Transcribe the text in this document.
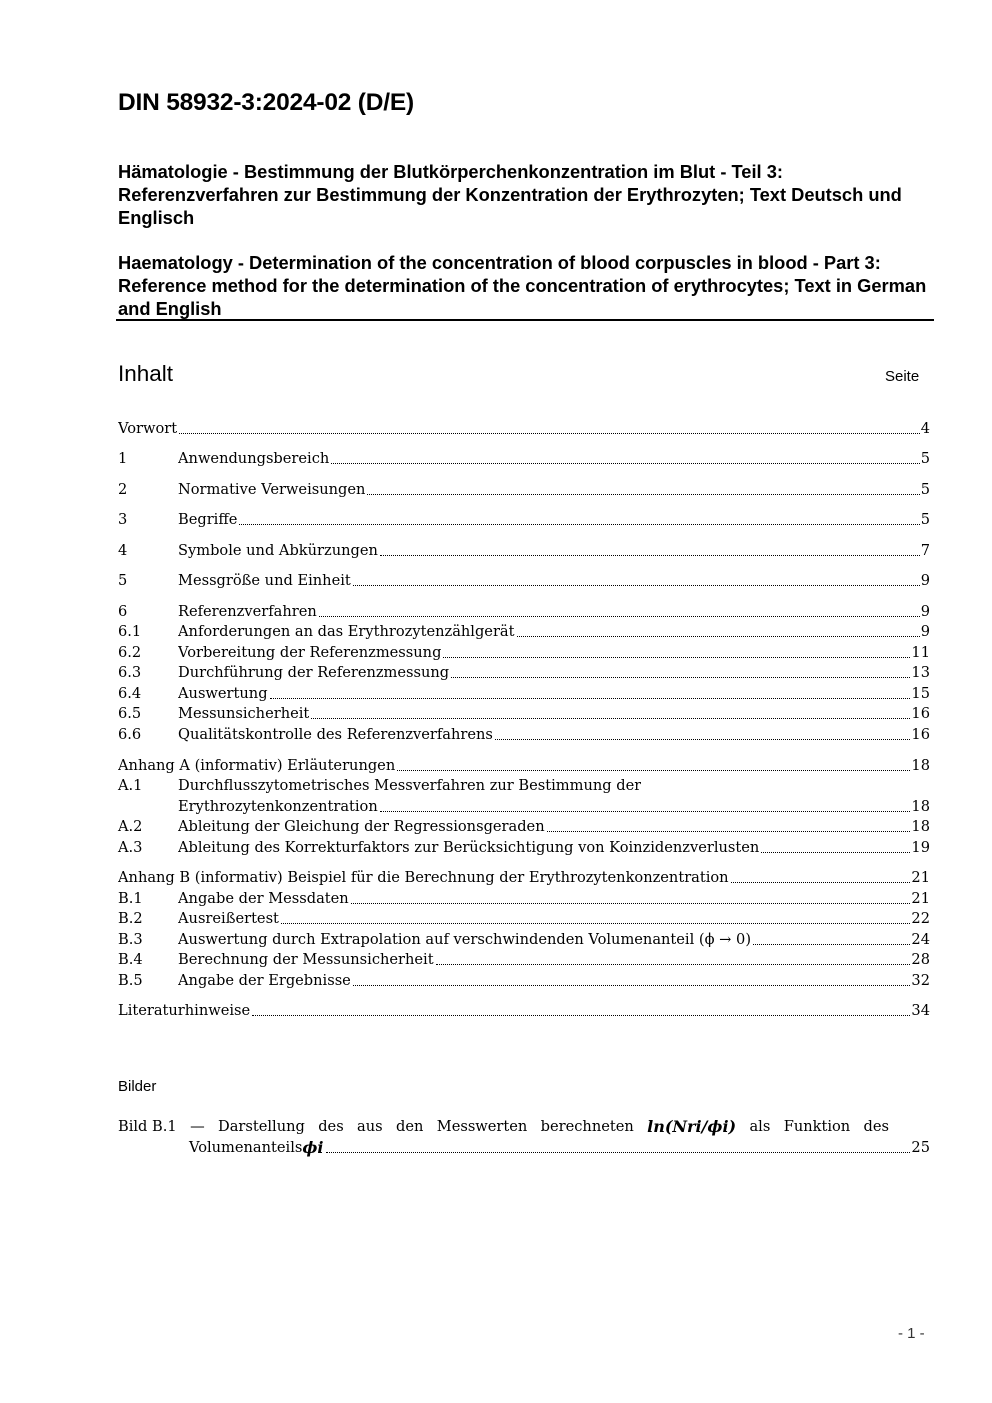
DIN 58932-3:2024-02 (D/E)
Hämatologie - Bestimmung der Blutkörperchenkonzentration im Blut - Teil 3: Referenzverfahren zur Bestimmung der Konzentration der Erythrozyten; Text Deutsch und Englisch
Haematology - Determination of the concentration of blood corpuscles in blood - Part 3: Reference method for the determination of the concentration of erythrocytes; Text in German and English
Inhalt	Seite
Vorwort	4
1	Anwendungsbereich	5
2	Normative Verweisungen	5
3	Begriffe	5
4	Symbole und Abkürzungen	7
5	Messgröße und Einheit	9
6	Referenzverfahren	9
6.1	Anforderungen an das Erythrozytenzählgerät	9
6.2	Vorbereitung der Referenzmessung	11
6.3	Durchführung der Referenzmessung	13
6.4	Auswertung	15
6.5	Messunsicherheit	16
6.6	Qualitätskontrolle des Referenzverfahrens	16
Anhang A (informativ) Erläuterungen	18
A.1	Durchflusszytometrisches Messverfahren zur Bestimmung der
Erythrozytenkonzentration	18
A.2	Ableitung der Gleichung der Regressionsgeraden	18
A.3	Ableitung des Korrekturfaktors zur Berücksichtigung von Koinzidenzverlusten	19
Anhang B (informativ) Beispiel für die Berechnung der Erythrozytenkonzentration	21
B.1	Angabe der Messdaten	21
B.2	Ausreißertest	22
B.3	Auswertung durch Extrapolation auf verschwindenden Volumenanteil (ϕ → 0)	24
B.4	Berechnung der Messunsicherheit	28
B.5	Angabe der Ergebnisse	32
Literaturhinweise	34
Bilder
Bild B.1 — Darstellung des aus den Messwerten berechneten ln(Nri/ϕi) als Funktion des
Volumenanteils ϕi	25
- 1 -
